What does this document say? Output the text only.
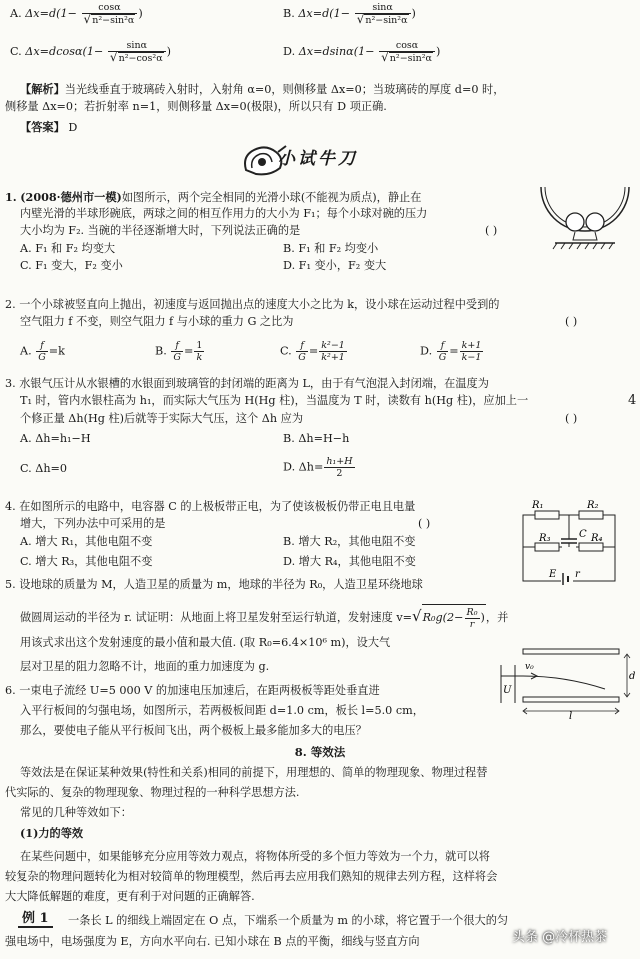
A. $\Delta x=d(1- \frac{\cos\alpha}{\text{√n²−sin²α}}$ )	B. $\Delta x=d(1- \frac{\sin\alpha}{\text{√n²−sin²α}}$ )
C. $\Delta x=dcos\alpha(1- \frac{\sin\alpha}{\text{√n²−cos²α}}$ )	D. $\Delta x=dsin\alpha(1- \frac{\cos\alpha}{\text{√n²−sin²α}}$ )
【解析】当光线垂直于玻璃砖入射时，入射角 α=0，则侧移量 Δx=0；当玻璃砖的厚度 d=0 时，
侧移量 Δx=0；若折射率 n=1，则侧移量 Δx=0(极限)，所以只有 D 项正确.
【答案】 D
小试牛刀
1. (2008·德州市一模)如图所示，两个完全相同的光滑小球(不能视为质点)，静止在
内壁光滑的半球形碗底，两球之间的相互作用力的大小为 F₁；每个小球对碗的压力
大小均为 F₂. 当碗的半径逐渐增大时，下列说法正确的是	( )
A. F₁ 和 F₂ 均变大	B. F₁ 和 F₂ 均变小
C. F₁ 变大，F₂ 变小	D. F₁ 变小，F₂ 变大
2. 一个小球被竖直向上抛出，初速度与返回抛出点的速度大小之比为 k，设小球在运动过程中受到的
空气阻力 f 不变，则空气阻力 f 与小球的重力 G 之比为	( )
A. $\frac{f}{G} =k$	B. $\frac{f}{G} = \frac{1}{k}$	C. $\frac{f}{G} = \frac{\text{k²−1}}{\text{k²+1}}$	D. $\frac{f}{G} = \frac{k+1}{k-1}$
3. 水银气压计从水银槽的水银面到玻璃管的封闭端的距离为 L，由于有气泡混入封闭端，在温度为
T₁ 时，管内水银柱高为 h₁，而实际大气压为 H(Hg 柱)，当温度为 T 时，读数有 h(Hg 柱)，应加上一	4
个修正量 Δh(Hg 柱)后就等于实际大气压，这个 Δh 应为	( )
A. Δh=h₁−H	B. Δh=H−h
C. Δh=0	D. $\Delta h= \frac{\text{h₁+H}}{2}$
4. 在如图所示的电路中，电容器 C 的上极板带正电，为了使该极板仍带正电且电量
增大，下列办法中可采用的是	( )
A. 增大 R₁，其他电阻不变	B. 增大 R₂，其他电阻不变
C. 增大 R₃，其他电阻不变	D. 增大 R₄，其他电阻不变
R₁	R₂
R₃	R₄
C
E r
5. 设地球的质量为 M，人造卫星的质量为 m，地球的半径为 R₀，人造卫星环绕地球
做圆周运动的半径为 r. 试证明：从地面上将卫星发射至运行轨道，发射速度 $v=√R_0g(2- \frac{\text{R₀}}{r}$ )，并
用该式求出这个发射速度的最小值和最大值. (取 R₀=6.4×10⁶ m)，设大气
层对卫星的阻力忽略不计，地面的重力加速度为 g.
6. 一束电子流经 U=5 000 V 的加速电压加速后，在距两极板等距处垂直进
入平行板间的匀强电场，如图所示，若两极板间距 d=1.0 cm，板长 l=5.0 cm，
那么，要使电子能从平行板间飞出，两个极板上最多能加多大的电压？
v₀
d
U
l
8. 等效法
等效法是在保证某种效果(特性和关系)相同的前提下，用理想的、简单的物理现象、物理过程替
代实际的、复杂的物理现象、物理过程的一种科学思想方法.
常见的几种等效如下：
(1)力的等效
在某些问题中，如果能够充分应用等效力观点，将物体所受的多个恒力等效为一个力，就可以将
较复杂的物理问题转化为相对较简单的物理模型，然后再去应用我们熟知的规律去列方程，这样将会
大大降低解题的难度，更有利于对问题的正确解答.
例 1	一条长 L 的细线上端固定在 O 点，下端系一个质量为 m 的小球，将它置于一个很大的匀
强电场中，电场强度为 E，方向水平向右. 已知小球在 B 点的平衡，细线与竖直方向	头条 @冷杯热茶
